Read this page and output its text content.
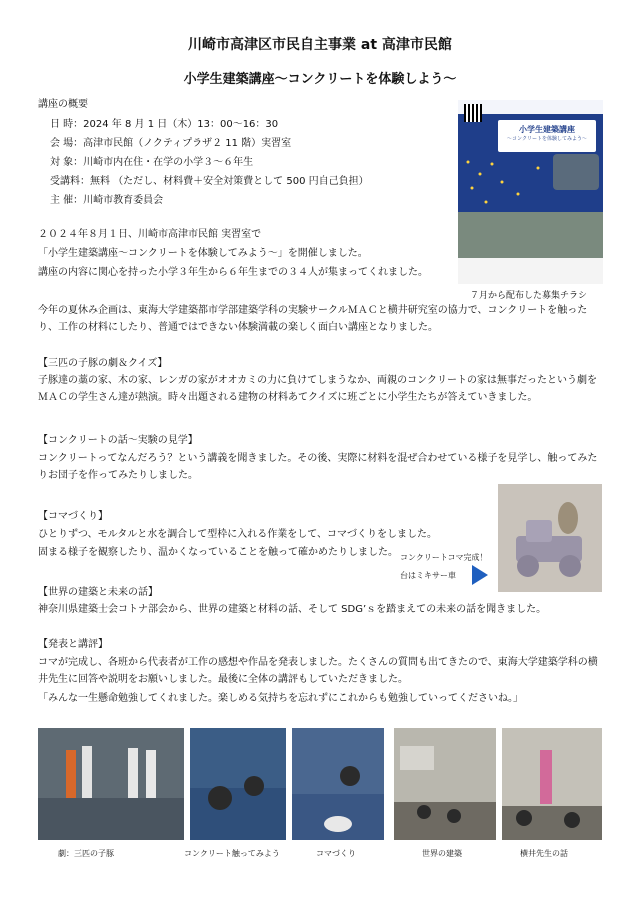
川崎市高津区市民自主事業 at 高津市民館
小学生建築講座～コンクリートを体験しよう～
講座の概要
日 時：2024 年 8 月 1 日（木）13：00～16：30
会 場：高津市民館（ノクティプラザ２ 11 階）実習室
対 象：川崎市内在住・在学の小学３～６年生
受講料：無料 （ただし、材料費＋安全対策費として 500 円自己負担）
主 催：川崎市教育委員会
２０２４年８月１日、川崎市高津市民館 実習室で
「小学生建築講座～コンクリートを体験してみよう～」を開催しました。
講座の内容に関心を持った小学３年生から６年生までの３４人が集まってくれました。
小学生建築講座
～コンクリートを体験してみよう～
７月から配布した募集チラシ
今年の夏休み企画は、東海大学建築都市学部建築学科の実験サークルＭＡＣと横井研究室の協力で、コンクリートを触ったり、工作の材料にしたり、普通ではできない体験満載の楽しく面白い講座となりました。
【三匹の子豚の劇＆クイズ】
子豚達の藁の家、木の家、レンガの家がオオカミの力に負けてしまうなか、両親のコンクリートの家は無事だったという劇をＭＡＣの学生さん達が熱演。時々出題される建物の材料あてクイズに班ごとに小学生たちが答えていきました。
【コンクリートの話～実験の見学】
コンクリートってなんだろう？という講義を聞きました。その後、実際に材料を混ぜ合わせている様子を見学し、触ってみたりお団子を作ってみたりしました。
【コマづくり】
ひとりずつ、モルタルと水を調合して型枠に入れる作業をして、コマづくりをしました。
固まる様子を観察したり、温かくなっていることを触って確かめたりしました。 コンクリートコマ完成！
台はミキサー車
【世界の建築と未来の話】
神奈川県建築士会コトナ部会から、世界の建築と材料の話、そして SDG’ｓを踏まえての未来の話を聞きました。
【発表と講評】
コマが完成し、各班から代表者が工作の感想や作品を発表しました。たくさんの質問も出てきたので、東海大学建築学科の横井先生に回答や説明をお願いしました。最後に全体の講評もしていただきました。
「みんな一生懸命勉強してくれました。楽しめる気持ちを忘れずにこれからも勉強していってくださいね。」
劇：三匹の子豚	コンクリート触ってみよう	コマづくり	世界の建築	横井先生の話
